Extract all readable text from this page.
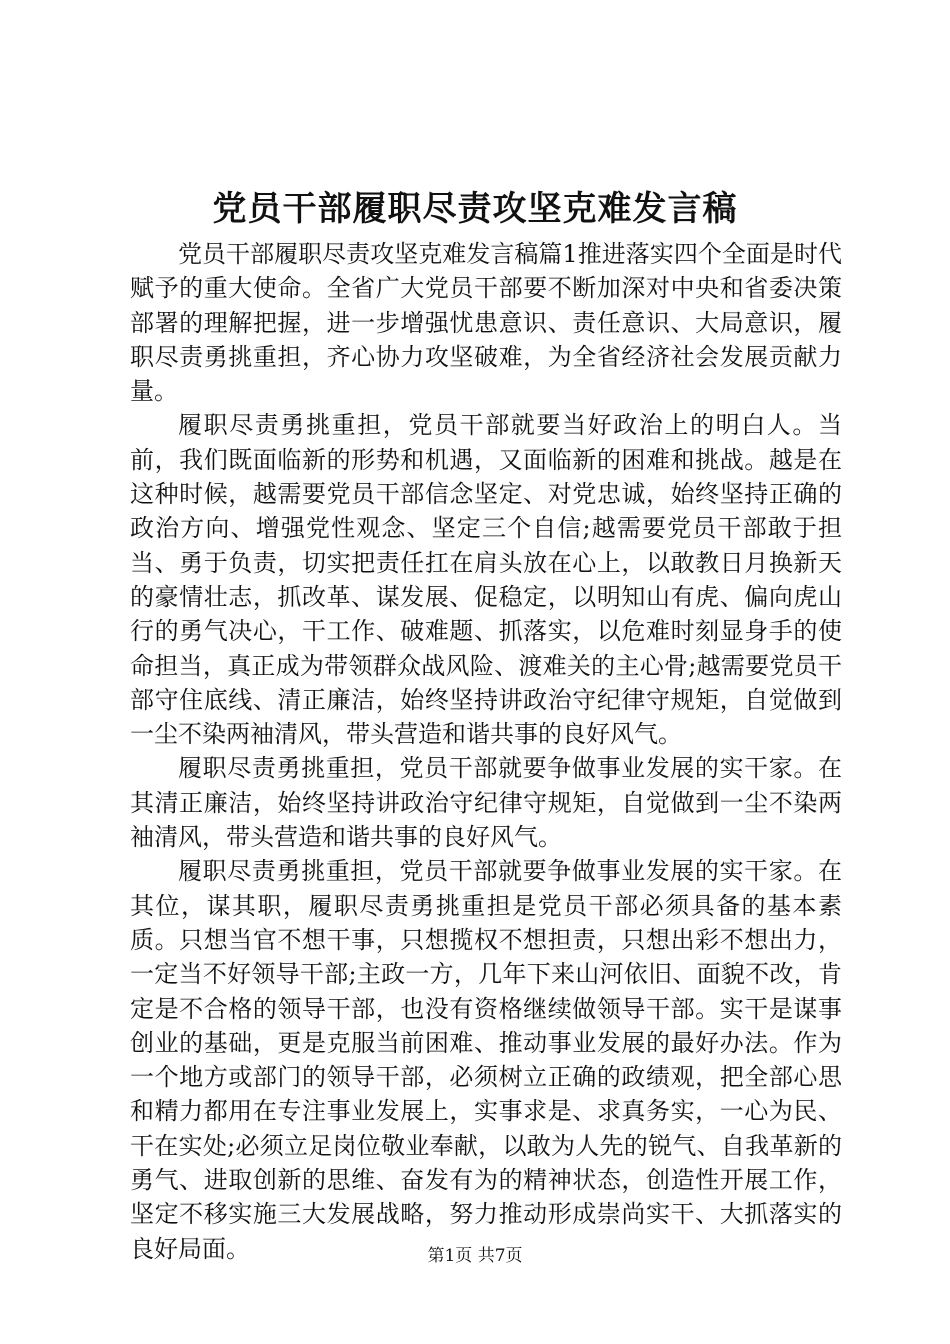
党员干部履职尽责攻坚克难发言稿

党员干部履职尽责攻坚克难发言稿篇1推进落实四个全面是时代赋予的重大使命。全省广大党员干部要不断加深对中央和省委决策部署的理解把握，进一步增强忧患意识、责任意识、大局意识，履职尽责勇挑重担，齐心协力攻坚破难，为全省经济社会发展贡献力量。

履职尽责勇挑重担，党员干部就要当好政治上的明白人。当前，我们既面临新的形势和机遇，又面临新的困难和挑战。越是在这种时候，越需要党员干部信念坚定、对党忠诚，始终坚持正确的政治方向、增强党性观念、坚定三个自信;越需要党员干部敢于担当、勇于负责，切实把责任扛在肩头放在心上，以敢教日月换新天的豪情壮志，抓改革、谋发展、促稳定，以明知山有虎、偏向虎山行的勇气决心，干工作、破难题、抓落实，以危难时刻显身手的使命担当，真正成为带领群众战风险、渡难关的主心骨;越需要党员干部守住底线、清正廉洁，始终坚持讲政治守纪律守规矩，自觉做到一尘不染两袖清风，带头营造和谐共事的良好风气。

履职尽责勇挑重担，党员干部就要争做事业发展的实干家。在其清正廉洁，始终坚持讲政治守纪律守规矩，自觉做到一尘不染两袖清风，带头营造和谐共事的良好风气。

履职尽责勇挑重担，党员干部就要争做事业发展的实干家。在其位，谋其职，履职尽责勇挑重担是党员干部必须具备的基本素质。只想当官不想干事，只想揽权不想担责，只想出彩不想出力，一定当不好领导干部;主政一方，几年下来山河依旧、面貌不改，肯定是不合格的领导干部，也没有资格继续做领导干部。实干是谋事创业的基础，更是克服当前困难、推动事业发展的最好办法。作为一个地方或部门的领导干部，必须树立正确的政绩观，把全部心思和精力都用在专注事业发展上，实事求是、求真务实，一心为民、干在实处;必须立足岗位敬业奉献，以敢为人先的锐气、自我革新的勇气、进取创新的思维、奋发有为的精神状态，创造性开展工作，坚定不移实施三大发展战略，努力推动形成崇尚实干、大抓落实的良好局面。	第1页 共7页
